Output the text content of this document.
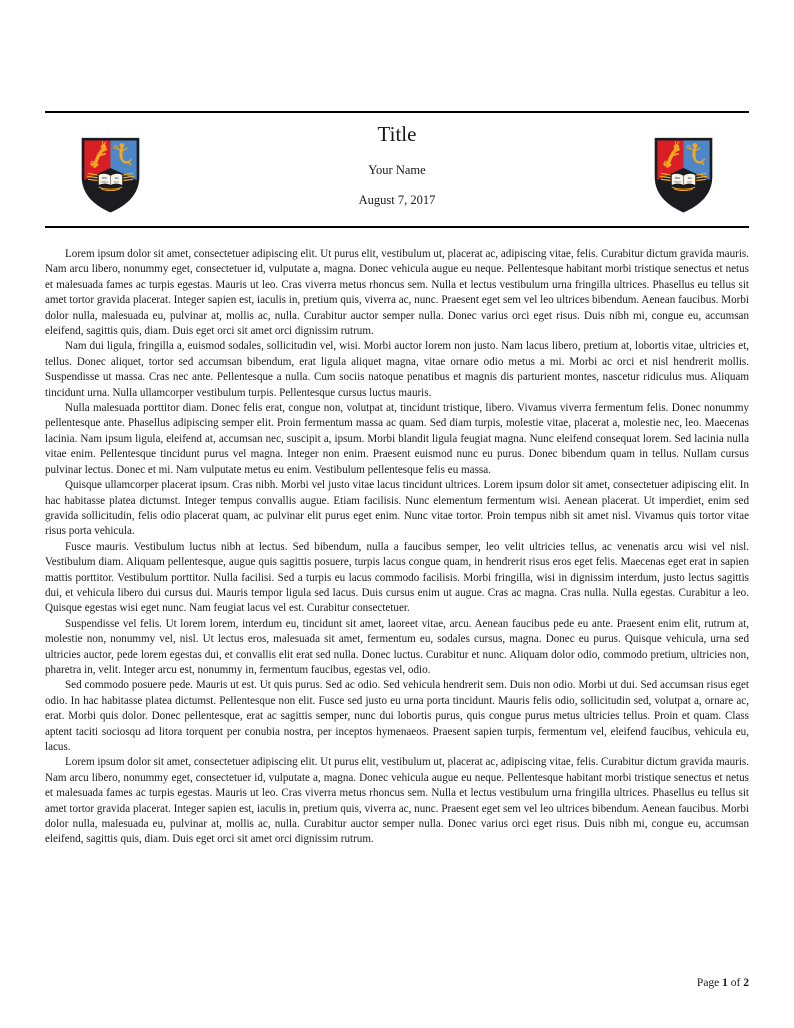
Title
Your Name
August 7, 2017

Lorem ipsum dolor sit amet, consectetuer adipiscing elit. Ut purus elit, vestibulum ut, placerat ac, adipiscing vitae, felis. Curabitur dictum gravida mauris. Nam arcu libero, nonummy eget, consectetuer id, vulputate a, magna. Donec vehicula augue eu neque. Pellentesque habitant morbi tristique senectus et netus et malesuada fames ac turpis egestas. Mauris ut leo. Cras viverra metus rhoncus sem. Nulla et lectus vestibulum urna fringilla ultrices. Phasellus eu tellus sit amet tortor gravida placerat. Integer sapien est, iaculis in, pretium quis, viverra ac, nunc. Praesent eget sem vel leo ultrices bibendum. Aenean faucibus. Morbi dolor nulla, malesuada eu, pulvinar at, mollis ac, nulla. Curabitur auctor semper nulla. Donec varius orci eget risus. Duis nibh mi, congue eu, accumsan eleifend, sagittis quis, diam. Duis eget orci sit amet orci dignissim rutrum.

Nam dui ligula, fringilla a, euismod sodales, sollicitudin vel, wisi. Morbi auctor lorem non justo. Nam lacus libero, pretium at, lobortis vitae, ultricies et, tellus. Donec aliquet, tortor sed accumsan bibendum, erat ligula aliquet magna, vitae ornare odio metus a mi. Morbi ac orci et nisl hendrerit mollis. Suspendisse ut massa. Cras nec ante. Pellentesque a nulla. Cum sociis natoque penatibus et magnis dis parturient montes, nascetur ridiculus mus. Aliquam tincidunt urna. Nulla ullamcorper vestibulum turpis. Pellentesque cursus luctus mauris.

Nulla malesuada porttitor diam. Donec felis erat, congue non, volutpat at, tincidunt tristique, libero. Vivamus viverra fermentum felis. Donec nonummy pellentesque ante. Phasellus adipiscing semper elit. Proin fermentum massa ac quam. Sed diam turpis, molestie vitae, placerat a, molestie nec, leo. Maecenas lacinia. Nam ipsum ligula, eleifend at, accumsan nec, suscipit a, ipsum. Morbi blandit ligula feugiat magna. Nunc eleifend consequat lorem. Sed lacinia nulla vitae enim. Pellentesque tincidunt purus vel magna. Integer non enim. Praesent euismod nunc eu purus. Donec bibendum quam in tellus. Nullam cursus pulvinar lectus. Donec et mi. Nam vulputate metus eu enim. Vestibulum pellentesque felis eu massa.

Quisque ullamcorper placerat ipsum. Cras nibh. Morbi vel justo vitae lacus tincidunt ultrices. Lorem ipsum dolor sit amet, consectetuer adipiscing elit. In hac habitasse platea dictumst. Integer tempus convallis augue. Etiam facilisis. Nunc elementum fermentum wisi. Aenean placerat. Ut imperdiet, enim sed gravida sollicitudin, felis odio placerat quam, ac pulvinar elit purus eget enim. Nunc vitae tortor. Proin tempus nibh sit amet nisl. Vivamus quis tortor vitae risus porta vehicula.

Fusce mauris. Vestibulum luctus nibh at lectus. Sed bibendum, nulla a faucibus semper, leo velit ultricies tellus, ac venenatis arcu wisi vel nisl. Vestibulum diam. Aliquam pellentesque, augue quis sagittis posuere, turpis lacus congue quam, in hendrerit risus eros eget felis. Maecenas eget erat in sapien mattis porttitor. Vestibulum porttitor. Nulla facilisi. Sed a turpis eu lacus commodo facilisis. Morbi fringilla, wisi in dignissim interdum, justo lectus sagittis dui, et vehicula libero dui cursus dui. Mauris tempor ligula sed lacus. Duis cursus enim ut augue. Cras ac magna. Cras nulla. Nulla egestas. Curabitur a leo. Quisque egestas wisi eget nunc. Nam feugiat lacus vel est. Curabitur consectetuer.

Suspendisse vel felis. Ut lorem lorem, interdum eu, tincidunt sit amet, laoreet vitae, arcu. Aenean faucibus pede eu ante. Praesent enim elit, rutrum at, molestie non, nonummy vel, nisl. Ut lectus eros, malesuada sit amet, fermentum eu, sodales cursus, magna. Donec eu purus. Quisque vehicula, urna sed ultricies auctor, pede lorem egestas dui, et convallis elit erat sed nulla. Donec luctus. Curabitur et nunc. Aliquam dolor odio, commodo pretium, ultricies non, pharetra in, velit. Integer arcu est, nonummy in, fermentum faucibus, egestas vel, odio.

Sed commodo posuere pede. Mauris ut est. Ut quis purus. Sed ac odio. Sed vehicula hendrerit sem. Duis non odio. Morbi ut dui. Sed accumsan risus eget odio. In hac habitasse platea dictumst. Pellentesque non elit. Fusce sed justo eu urna porta tincidunt. Mauris felis odio, sollicitudin sed, volutpat a, ornare ac, erat. Morbi quis dolor. Donec pellentesque, erat ac sagittis semper, nunc dui lobortis purus, quis congue purus metus ultricies tellus. Proin et quam. Class aptent taciti sociosqu ad litora torquent per conubia nostra, per inceptos hymenaeos. Praesent sapien turpis, fermentum vel, eleifend faucibus, vehicula eu, lacus.

Lorem ipsum dolor sit amet, consectetuer adipiscing elit. Ut purus elit, vestibulum ut, placerat ac, adipiscing vitae, felis. Curabitur dictum gravida mauris. Nam arcu libero, nonummy eget, consectetuer id, vulputate a, magna. Donec vehicula augue eu neque. Pellentesque habitant morbi tristique senectus et netus et malesuada fames ac turpis egestas. Mauris ut leo. Cras viverra metus rhoncus sem. Nulla et lectus vestibulum urna fringilla ultrices. Phasellus eu tellus sit amet tortor gravida placerat. Integer sapien est, iaculis in, pretium quis, viverra ac, nunc. Praesent eget sem vel leo ultrices bibendum. Aenean faucibus. Morbi dolor nulla, malesuada eu, pulvinar at, mollis ac, nulla. Curabitur auctor semper nulla. Donec varius orci eget risus. Duis nibh mi, congue eu, accumsan eleifend, sagittis quis, diam. Duis eget orci sit amet orci dignissim rutrum.

Page 1 of 2
